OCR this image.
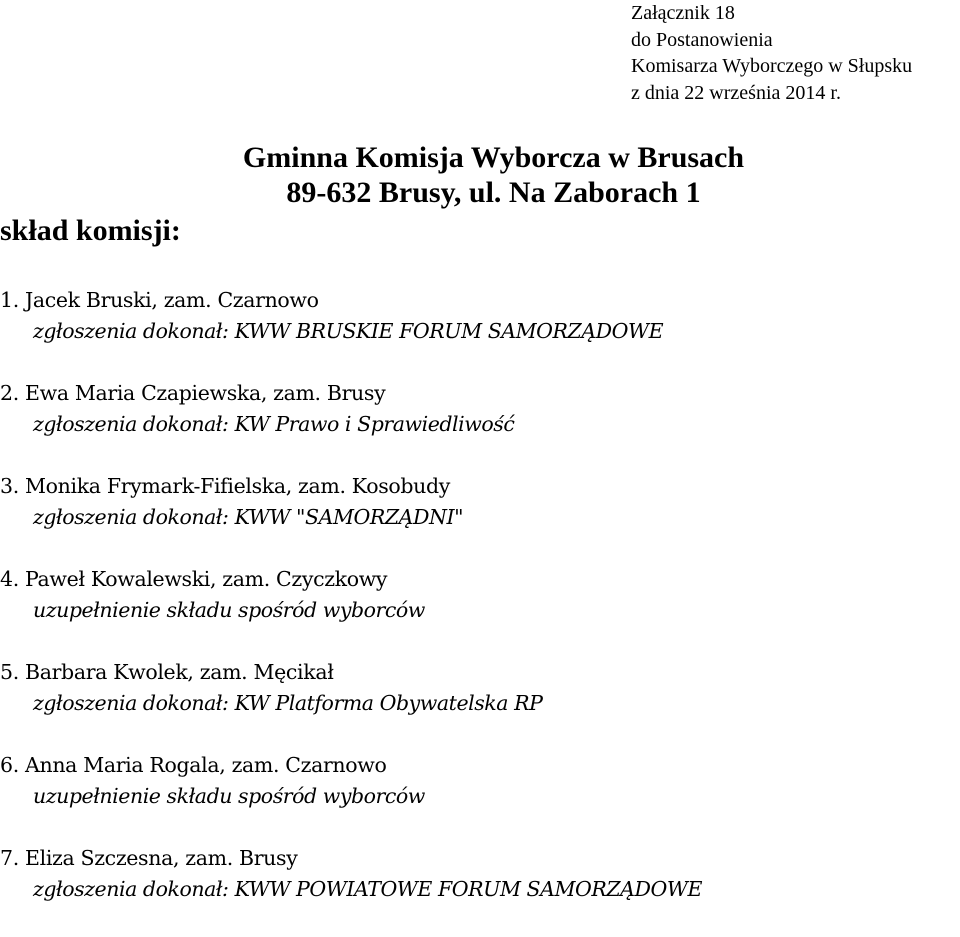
Załącznik 18
do Postanowienia
Komisarza Wyborczego w Słupsku
z dnia 22 września 2014 r.
Gminna Komisja Wyborcza w Brusach
89-632 Brusy, ul. Na Zaborach 1
skład komisji:
1. Jacek Bruski, zam. Czarnowo
zgłoszenia dokonał: KWW BRUSKIE FORUM SAMORZĄDOWE
2. Ewa Maria Czapiewska, zam. Brusy
zgłoszenia dokonał: KW Prawo i Sprawiedliwość
3. Monika Frymark-Fifielska, zam. Kosobudy
zgłoszenia dokonał: KWW "SAMORZĄDNI"
4. Paweł Kowalewski, zam. Czyczkowy
uzupełnienie składu spośród wyborców
5. Barbara Kwolek, zam. Męcikał
zgłoszenia dokonał: KW Platforma Obywatelska RP
6. Anna Maria Rogala, zam. Czarnowo
uzupełnienie składu spośród wyborców
7. Eliza Szczesna, zam. Brusy
zgłoszenia dokonał: KWW POWIATOWE FORUM SAMORZĄDOWE
